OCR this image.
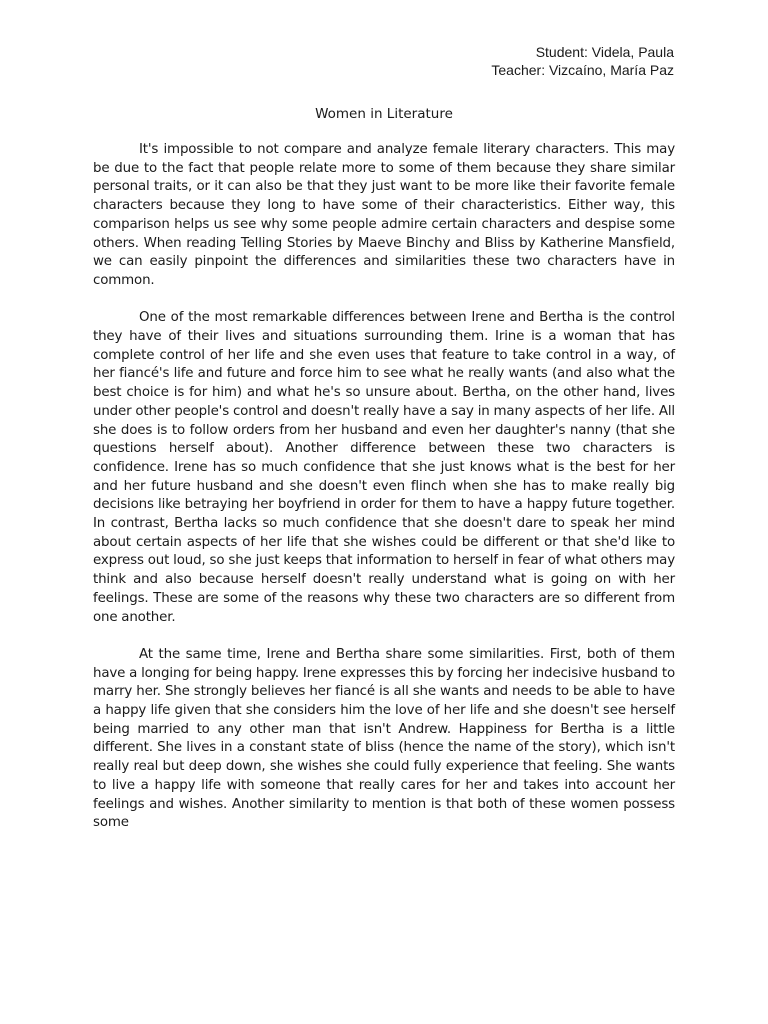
Student: Videla, Paula
Teacher: Vizcaíno, María Paz
Women in Literature

It's impossible to not compare and analyze female literary characters. This may be due to the fact that people relate more to some of them because they share similar personal traits, or it can also be that they just want to be more like their favorite female characters because they long to have some of their characteristics. Either way, this comparison helps us see why some people admire certain characters and despise some others. When reading Telling Stories by Maeve Binchy and Bliss by Katherine Mansfield, we can easily pinpoint the differences and similarities these two characters have in common.

One of the most remarkable differences between Irene and Bertha is the control they have of their lives and situations surrounding them. Irine is a woman that has complete control of her life and she even uses that feature to take control in a way, of her fiancé's life and future and force him to see what he really wants (and also what the best choice is for him) and what he's so unsure about. Bertha, on the other hand, lives under other people's control and doesn't really have a say in many aspects of her life. All she does is to follow orders from her husband and even her daughter's nanny (that she questions herself about). Another difference between these two characters is confidence. Irene has so much confidence that she just knows what is the best for her and her future husband and she doesn't even flinch when she has to make really big decisions like betraying her boyfriend in order for them to have a happy future together. In contrast, Bertha lacks so much confidence that she doesn't dare to speak her mind about certain aspects of her life that she wishes could be different or that she'd like to express out loud, so she just keeps that information to herself in fear of what others may think and also because herself doesn't really understand what is going on with her feelings. These are some of the reasons why these two characters are so different from one another.

At the same time, Irene and Bertha share some similarities. First, both of them have a longing for being happy. Irene expresses this by forcing her indecisive husband to marry her. She strongly believes her fiancé is all she wants and needs to be able to have a happy life given that she considers him the love of her life and she doesn't see herself being married to any other man that isn't Andrew. Happiness for Bertha is a little different. She lives in a constant state of bliss (hence the name of the story), which isn't really real but deep down, she wishes she could fully experience that feeling. She wants to live a happy life with someone that really cares for her and takes into account her feelings and wishes. Another similarity to mention is that both of these women possess some
